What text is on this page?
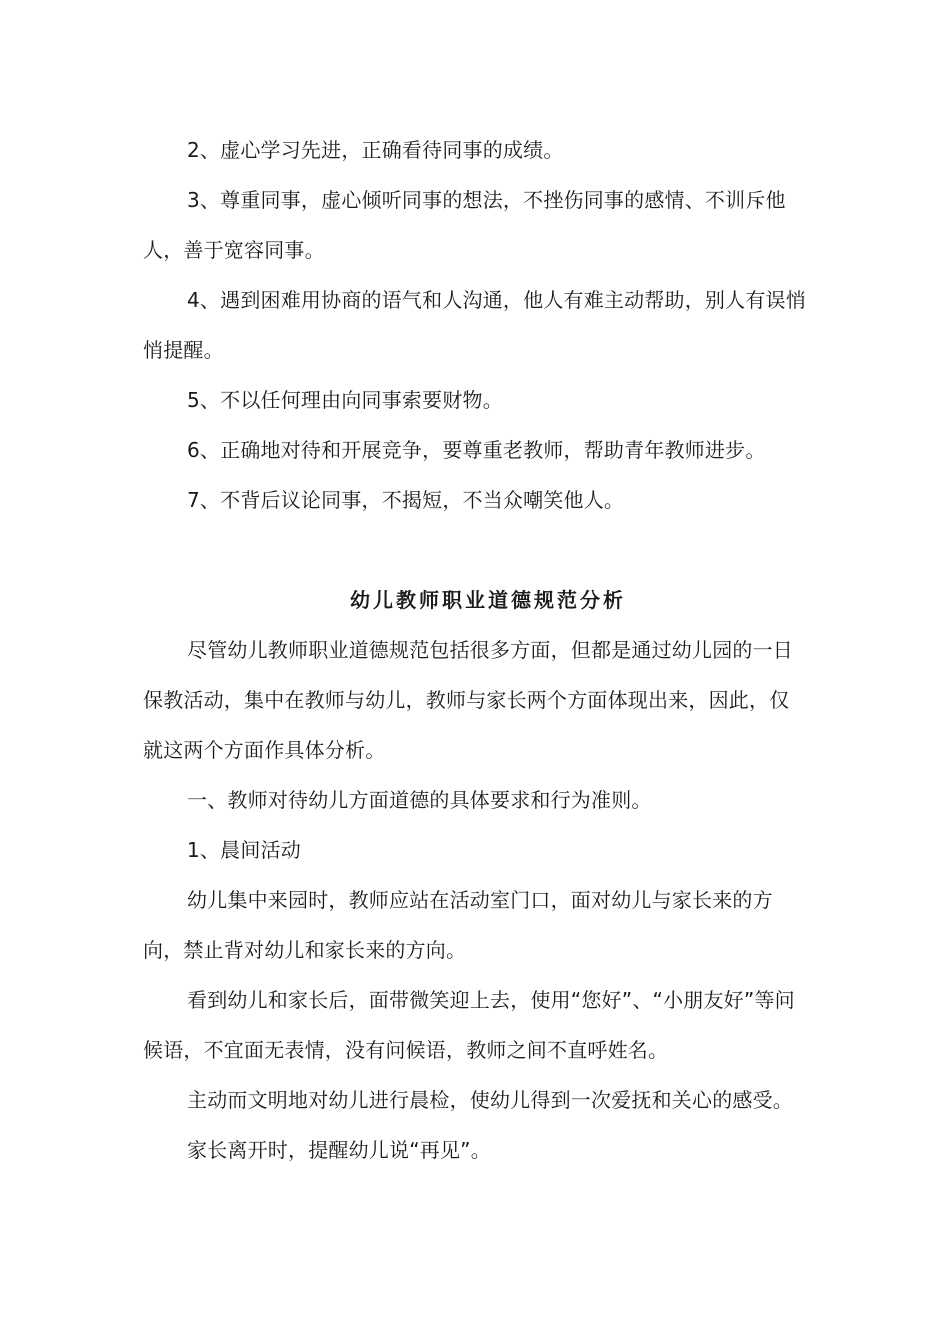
2、虚心学习先进，正确看待同事的成绩。

3、尊重同事，虚心倾听同事的想法，不挫伤同事的感情、不训斥他人，善于宽容同事。

4、遇到困难用协商的语气和人沟通，他人有难主动帮助，别人有误悄悄提醒。

5、不以任何理由向同事索要财物。

6、正确地对待和开展竞争，要尊重老教师，帮助青年教师进步。

7、不背后议论同事，不揭短，不当众嘲笑他人。

幼儿教师职业道德规范分析

尽管幼儿教师职业道德规范包括很多方面，但都是通过幼儿园的一日保教活动，集中在教师与幼儿，教师与家长两个方面体现出来，因此，仅就这两个方面作具体分析。

一、教师对待幼儿方面道德的具体要求和行为准则。

1、晨间活动

幼儿集中来园时，教师应站在活动室门口，面对幼儿与家长来的方向，禁止背对幼儿和家长来的方向。

看到幼儿和家长后，面带微笑迎上去，使用“您好”、“小朋友好”等问候语，不宜面无表情，没有问候语，教师之间不直呼姓名。

主动而文明地对幼儿进行晨检，使幼儿得到一次爱抚和关心的感受。

家长离开时，提醒幼儿说“再见”。
